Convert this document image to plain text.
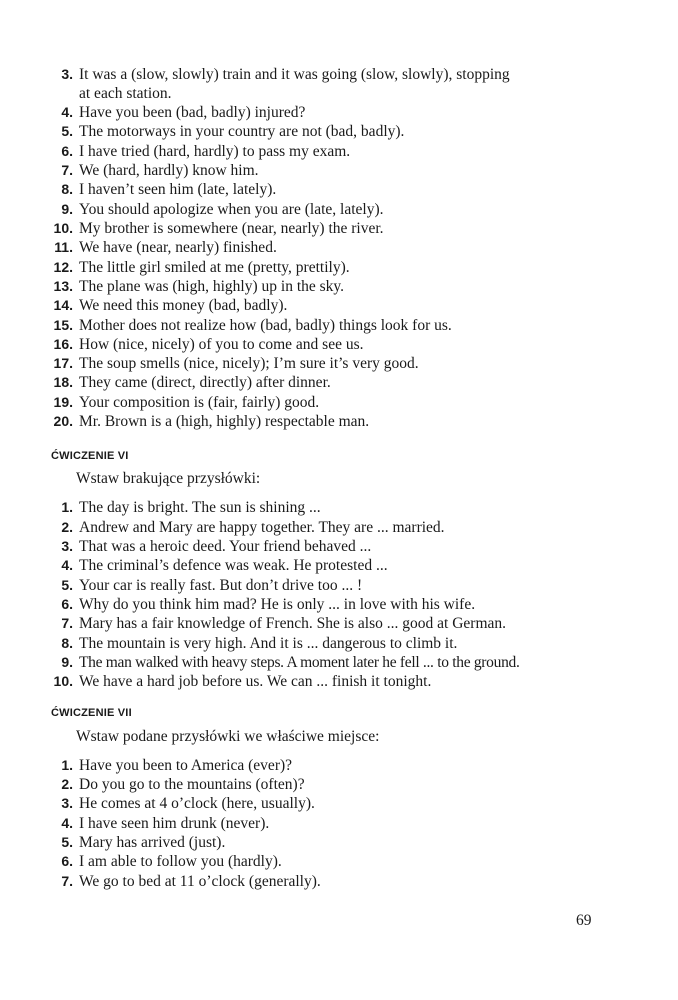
3. It was a (slow, slowly) train and it was going (slow, slowly), stopping
at each station.
4. Have you been (bad, badly) injured?
5. The motorways in your country are not (bad, badly).
6. I have tried (hard, hardly) to pass my exam.
7. We (hard, hardly) know him.
8. I haven’t seen him (late, lately).
9. You should apologize when you are (late, lately).
10. My brother is somewhere (near, nearly) the river.
11. We have (near, nearly) finished.
12. The little girl smiled at me (pretty, prettily).
13. The plane was (high, highly) up in the sky.
14. We need this money (bad, badly).
15. Mother does not realize how (bad, badly) things look for us.
16. How (nice, nicely) of you to come and see us.
17. The soup smells (nice, nicely); I’m sure it’s very good.
18. They came (direct, directly) after dinner.
19. Your composition is (fair, fairly) good.
20. Mr. Brown is a (high, highly) respectable man.
ĆWICZENIE VI
Wstaw brakujące przysłówki:
1. The day is bright. The sun is shining ...
2. Andrew and Mary are happy together. They are ... married.
3. That was a heroic deed. Your friend behaved ...
4. The criminal’s defence was weak. He protested ...
5. Your car is really fast. But don’t drive too ... !
6. Why do you think him mad? He is only ... in love with his wife.
7. Mary has a fair knowledge of French. She is also ... good at German.
8. The mountain is very high. And it is ... dangerous to climb it.
9. The man walked with heavy steps. A moment later he fell ... to the ground.
10. We have a hard job before us. We can ... finish it tonight.
ĆWICZENIE VII
Wstaw podane przysłówki we właściwe miejsce:
1. Have you been to America (ever)?
2. Do you go to the mountains (often)?
3. He comes at 4 o’clock (here, usually).
4. I have seen him drunk (never).
5. Mary has arrived (just).
6. I am able to follow you (hardly).
7. We go to bed at 11 o’clock (generally).
69
